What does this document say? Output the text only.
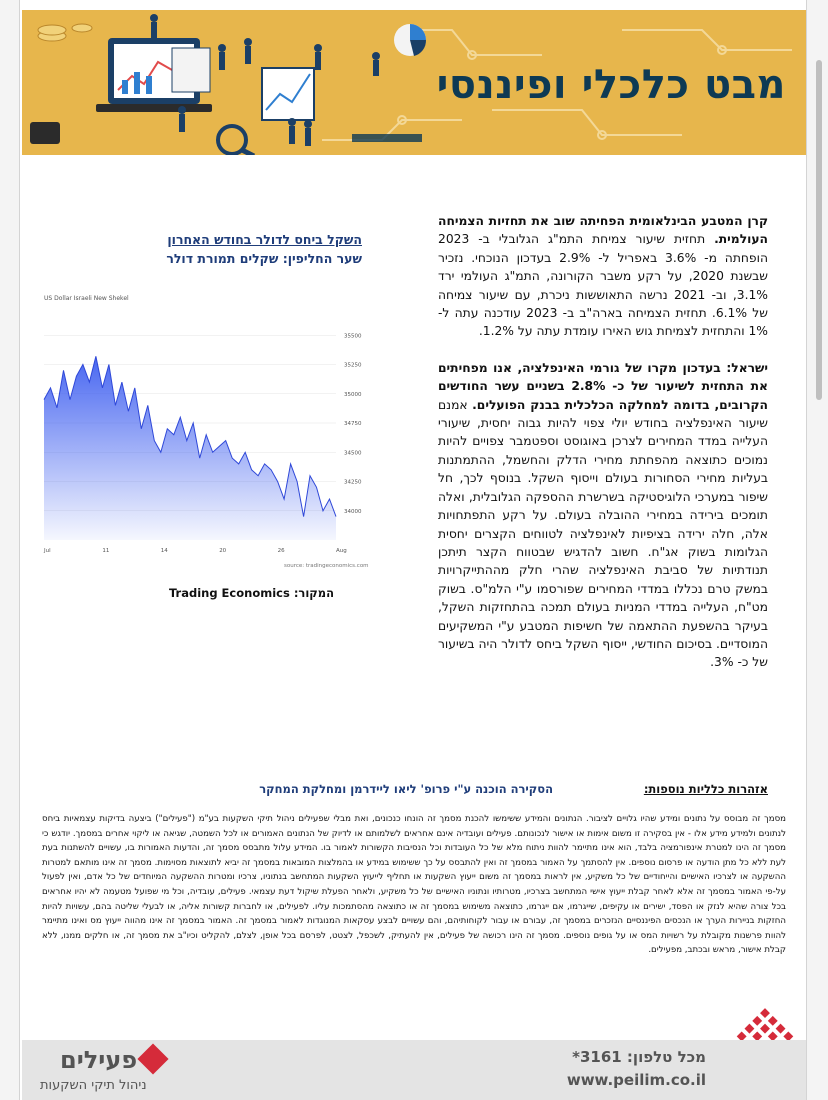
מבט כלכלי ופיננסי

קרן המטבע הבינלאומית הפחיתה שוב את תחזיות הצמיחה העולמית. תחזית שיעור צמיחת התמ"ג הגלובלי ב- 2023 הופחתה מ- 3.6% באפריל ל- 2.9% בעדכון הנוכחי. נזכיר שבשנת 2020, על רקע משבר הקורונה, התמ"ג העולמי ירד 3.1%, וב- 2021 נרשה התאוששות ניכרת, עם שיעור צמיחה של 6.1%. תחזית הצמיחה בארה"ב ב- 2023 עודכנה עתה ל- 1% והתחזית לצמיחת גוש האירו עומדת עתה על 1.2%.

ישראל: בעדכון מקרו של גורמי האינפלציה, אנו מפחיתים את התחזית לשיעור של כ- 2.8% בשניים עשר החודשים הקרובים, בדומה למחלקה הכלכלית בבנק הפועלים. אמנם שיעור האינפלציה בחודש יולי צפוי להיות גבוה יחסית, שיעורי העלייה במדד המחירים לצרכן באוגוסט וספטמבר צפויים להיות נמוכים כתוצאה מהפחתת מחירי הדלק והחשמל, ההתמתנות בעליות מחירי הסחורות בעולם וייסוף השקל. בנוסף לכך, חל שיפור במערכי הלוגיסטיקה בשרשרת ההספקה הגלובלית, ואלה תומכים בירידה במחירי ההובלה בעולם. על רקע התפתחויות אלה, חלה ירידה בציפיות לאינפלציה לטווחים הקצרים יחסית הגלומות בשוק אג"ח. חשוב להדגיש שבטווח הקצר תיתכן תנודתיות של סביבת האינפלציה שהרי חלק מההתייקרויות במשק טרם נכללו במדדי המחירים שפורסמו ע"י הלמ"ס. בשוק מט"ח, העלייה במדדי המניות בעולם תמכה בהתחזקות השקל, בעיקר בהשפעת ההתאמה של חשיפות המטבע ע"י המשקיעים המוסדיים. בסיכום החודשי, ייסוף השקל ביחס לדולר היה בשיעור של כ- 3%.

השקל ביחס לדולר בחודש האחרון
שער החליפין: שקלים תמורת דולר
US Dollar Israeli New Shekel
35500
35250
35000
34750
34500
34250
34000
Jul	11	14	20	26	Aug
source: tradingeconomics.com
המקור: Trading Economics
אזהרות כלליות נוספות:
הסקירה הוכנה ע"י פרופ' ליאו ליידרמן ומחלקת המחקר
מסמך זה מבוסס על נתונים ומידע שהיו גלויים לציבור. הנתונים והמידע ששימשו להכנת מסמך זה הונחו כנכונים, ואת מבלי שפעילים ניהול תיקי השקעות בע"מ ("פעילים") ביצעה בדיקות עצמאיות ביחס לנתונים ולמידע מידע אלו - אין בסקירה זו משום אימות או אישור לנכונותם. פעילים ועובדיה אינם אחראים לשלמותם או לדיוק של הנתונים האמורים או לכל השמטה, שגיאה או ליקוי אחרים במסמך. יודגש כי מסמך זה הינו למטרת אינפורמציה בלבד, הוא אינו מתיימר להוות ניתוח מלא של כל העובדות וכל הנסיבות הקשורות לאמור בו. המידע עלול מתבסס מסמך זה, והדעות האמורות בו, עשויים להשתנות בעת לעת ללא כל מתן הודעה או פרסום נוספים. אין להסתמך על האמור במסמך זה ואין להתבסס על כך ששימוש במידע או בהמלצות המובאות במסמך זה יביא לתוצאות מסוימות. מסמך זה אינו מותאם למטרות ההשקעה או לצרכיו האישיים והייחודיים של כל משקיע, אין לראות במסמך זה משום ייעוץ השקעות או תחליף לייעוץ השקעות המתחשב בנתוניו, צרכיו ומטרות ההשקעה המיוחדים של כל אדם, ואין לפעול על-פי האמור במסמך זה אלא לאחר קבלת ייעוץ אישי המתחשב בצרכיו, מטרותיו ונתוניו האישיים של כל משקיע, ולאחר הפעלת שיקול דעת עצמאי. פעילים, עובדיה, וכל מי שפועל מטעמה לא יהיו אחראים בכל צורה שהיא לנזק או הפסד, ישירים או עקיפים, שייגרמו, אם ייגרמו, כתוצאה משימוש במסמך זה או כתוצאה מהסתמכות עליו. לפעילים, או לחברות קשורות אליה, או לבעלי שליטה בהם, עשויות להיות החזקות בניירות הערך או הנכסים הפיננסיים הנזכרים במסמך זה, עבורם או עבור לקוחותיהם, והם עשויים לבצע עסקאות המנוגדות לאמור במסמך זה. האמור במסמך זה אינו מהווה ייעוץ מס ואינו מתיימר להוות פרשנות מקובלת על רשויות המס או על גופים נוספים. מסמך זה הינו רכושה של פעילים, אין להעתיק, לשכפל, לצטט, לפרסם בכל אופן, לצלם, להקליט וכיו"ב את מסמך זה, או חלקים ממנו, ללא קבלת אישור, מראש ובכתב, מפעילים.
פעילים
ניהול תיקי השקעות
מכל טלפון: 3161*
www.peilim.co.il
